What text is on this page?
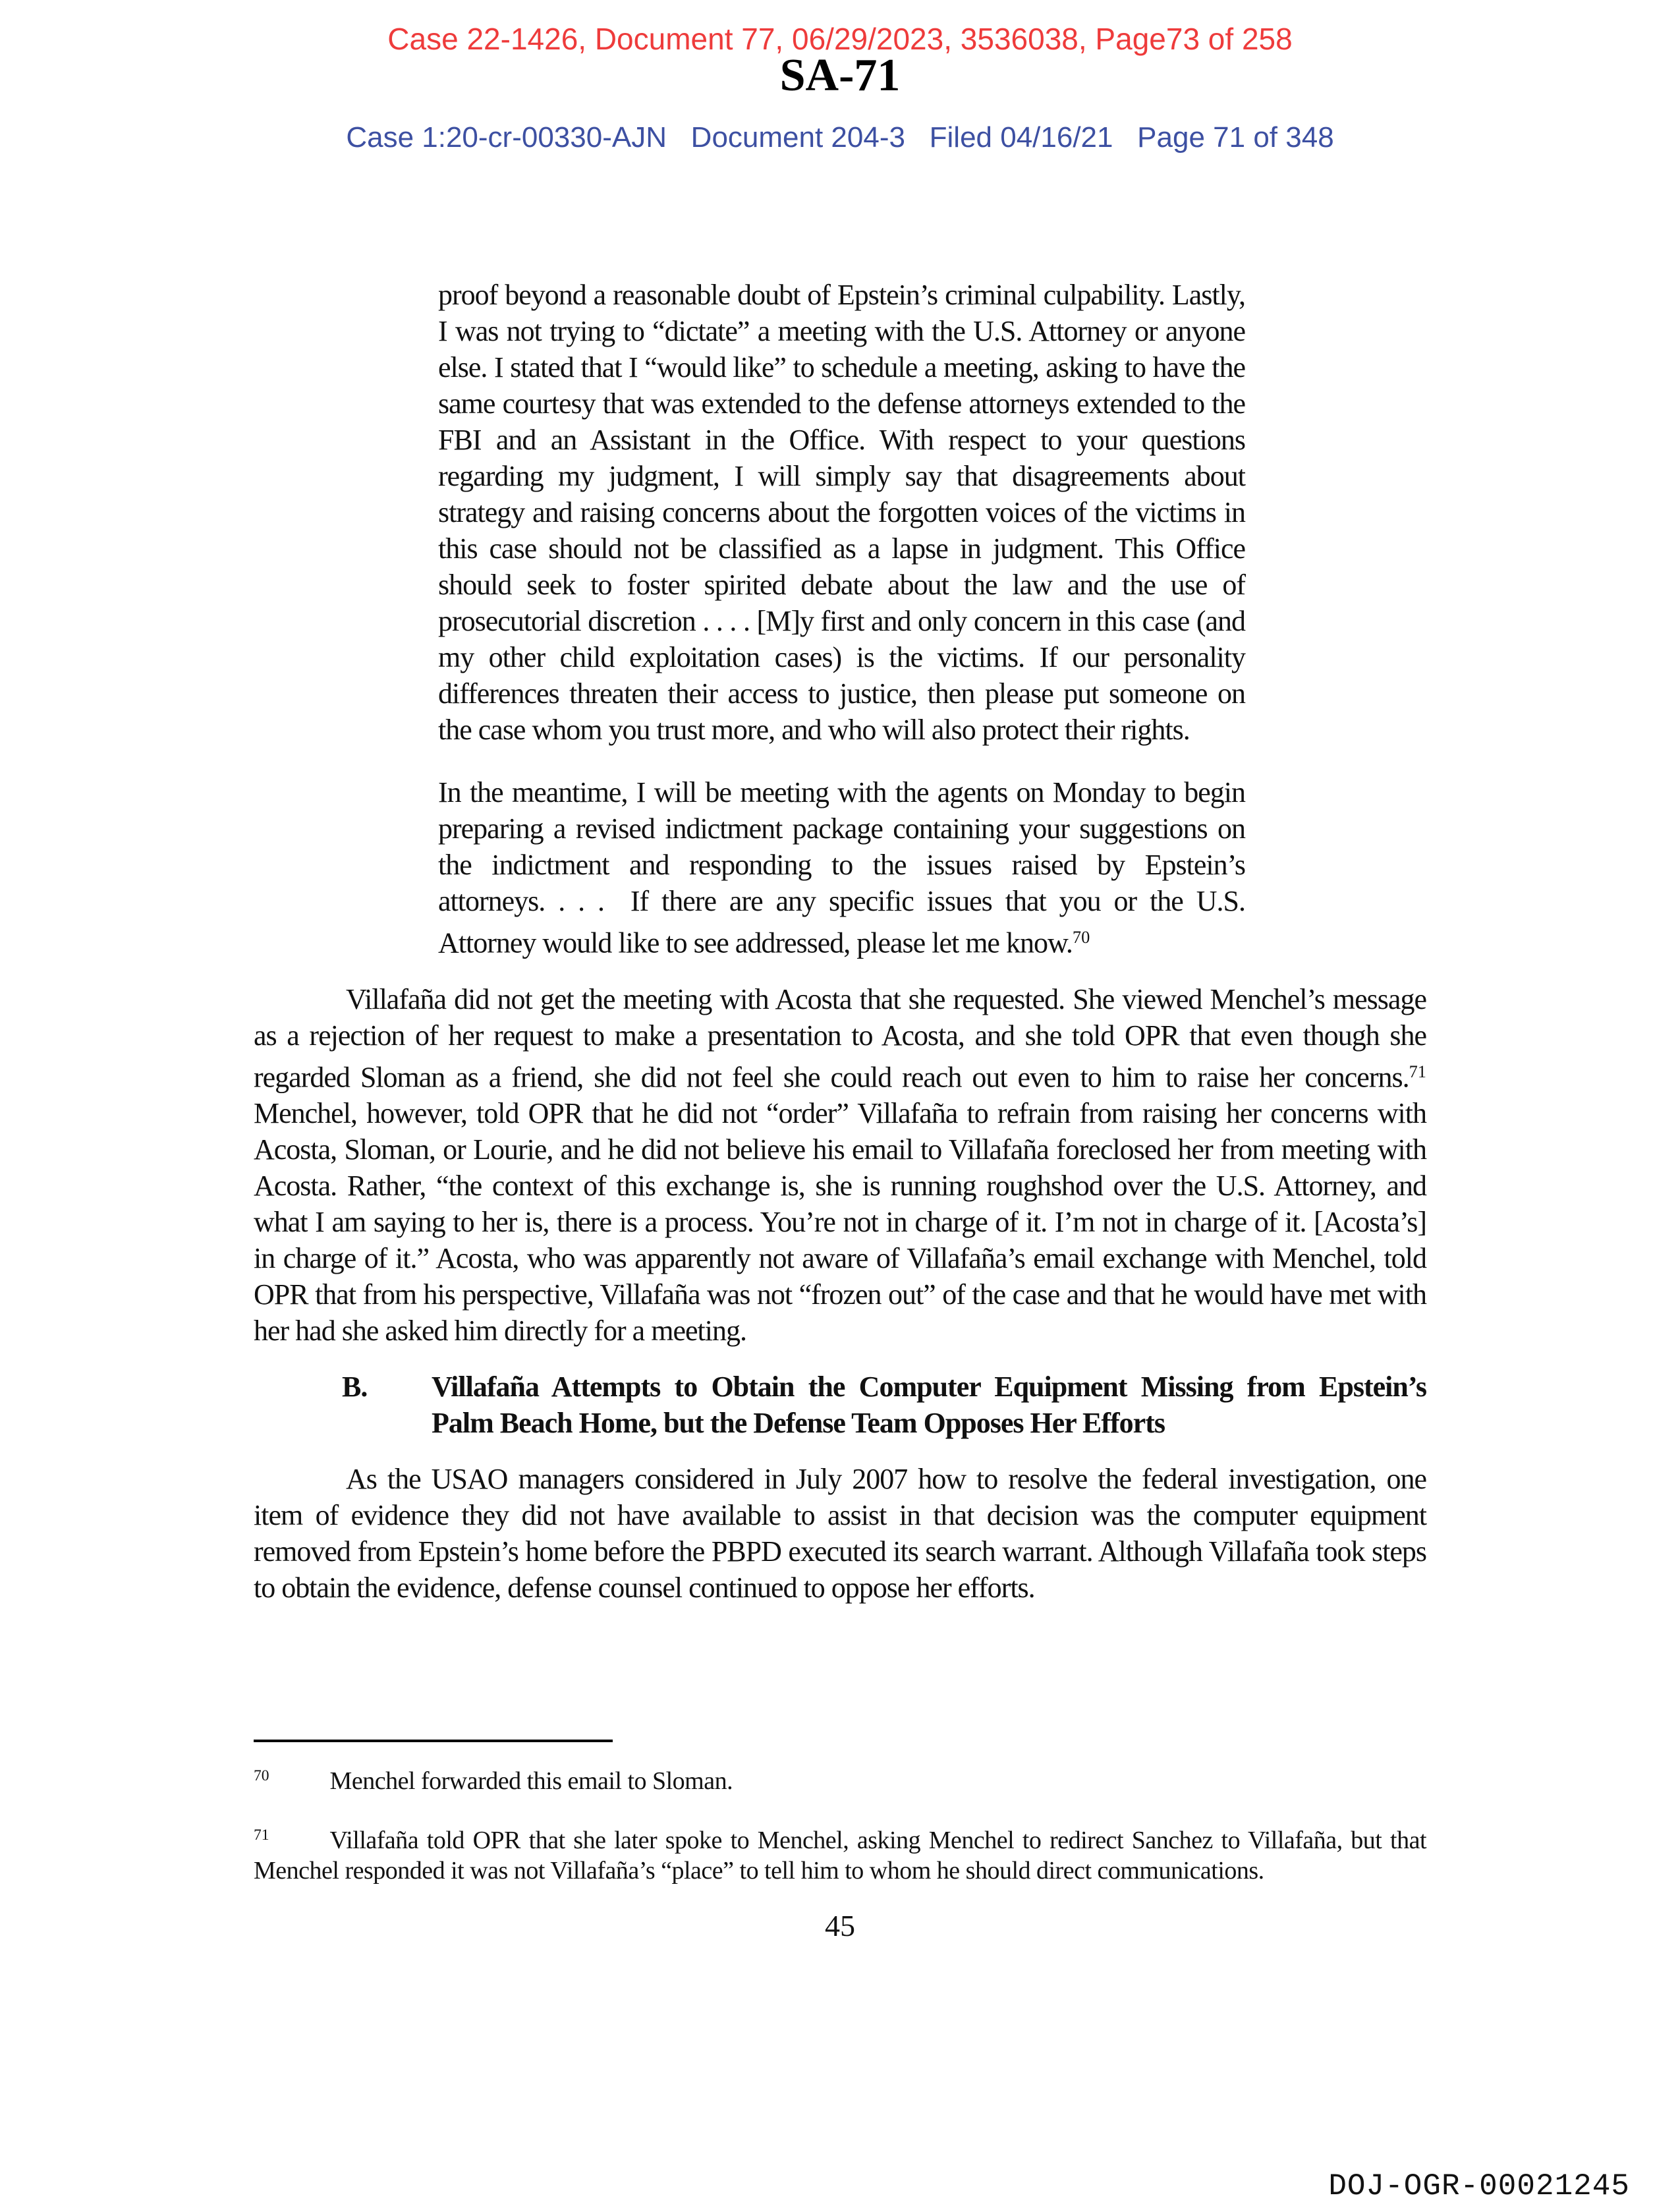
Case 22-1426, Document 77, 06/29/2023, 3536038, Page73 of 258
SA-71
Case 1:20-cr-00330-AJN   Document 204-3   Filed 04/16/21   Page 71 of 348

proof beyond a reasonable doubt of Epstein’s criminal culpability. Lastly, I was not trying to “dictate” a meeting with the U.S. Attorney or anyone else. I stated that I “would like” to schedule a meeting, asking to have the same courtesy that was extended to the defense attorneys extended to the FBI and an Assistant in the Office. With respect to your questions regarding my judgment, I will simply say that disagreements about strategy and raising concerns about the forgotten voices of the victims in this case should not be classified as a lapse in judgment. This Office should seek to foster spirited debate about the law and the use of prosecutorial discretion . . . . [M]y first and only concern in this case (and my other child exploitation cases) is the victims. If our personality differences threaten their access to justice, then please put someone on the case whom you trust more, and who will also protect their rights.

In the meantime, I will be meeting with the agents on Monday to begin preparing a revised indictment package containing your suggestions on the indictment and responding to the issues raised by Epstein’s attorneys. . . .  If there are any specific issues that you or the U.S. Attorney would like to see addressed, please let me know.$^{70}$

Villafaña did not get the meeting with Acosta that she requested. She viewed Menchel’s message as a rejection of her request to make a presentation to Acosta, and she told OPR that even though she regarded Sloman as a friend, she did not feel she could reach out even to him to raise her concerns.$^{71}$ Menchel, however, told OPR that he did not “order” Villafaña to refrain from raising her concerns with Acosta, Sloman, or Lourie, and he did not believe his email to Villafaña foreclosed her from meeting with Acosta. Rather, “the context of this exchange is, she is running roughshod over the U.S. Attorney, and what I am saying to her is, there is a process. You’re not in charge of it. I’m not in charge of it. [Acosta’s] in charge of it.” Acosta, who was apparently not aware of Villafaña’s email exchange with Menchel, told OPR that from his perspective, Villafaña was not “frozen out” of the case and that he would have met with her had she asked him directly for a meeting.

B.	Villafaña Attempts to Obtain the Computer Equipment Missing from Epstein’s Palm Beach Home, but the Defense Team Opposes Her Efforts

As the USAO managers considered in July 2007 how to resolve the federal investigation, one item of evidence they did not have available to assist in that decision was the computer equipment removed from Epstein’s home before the PBPD executed its search warrant. Although Villafaña took steps to obtain the evidence, defense counsel continued to oppose her efforts.

$^{70}$ Menchel forwarded this email to Sloman.

$^{71}$ Villafaña told OPR that she later spoke to Menchel, asking Menchel to redirect Sanchez to Villafaña, but that Menchel responded it was not Villafaña’s “place” to tell him to whom he should direct communications.

45
DOJ-OGR-00021245
